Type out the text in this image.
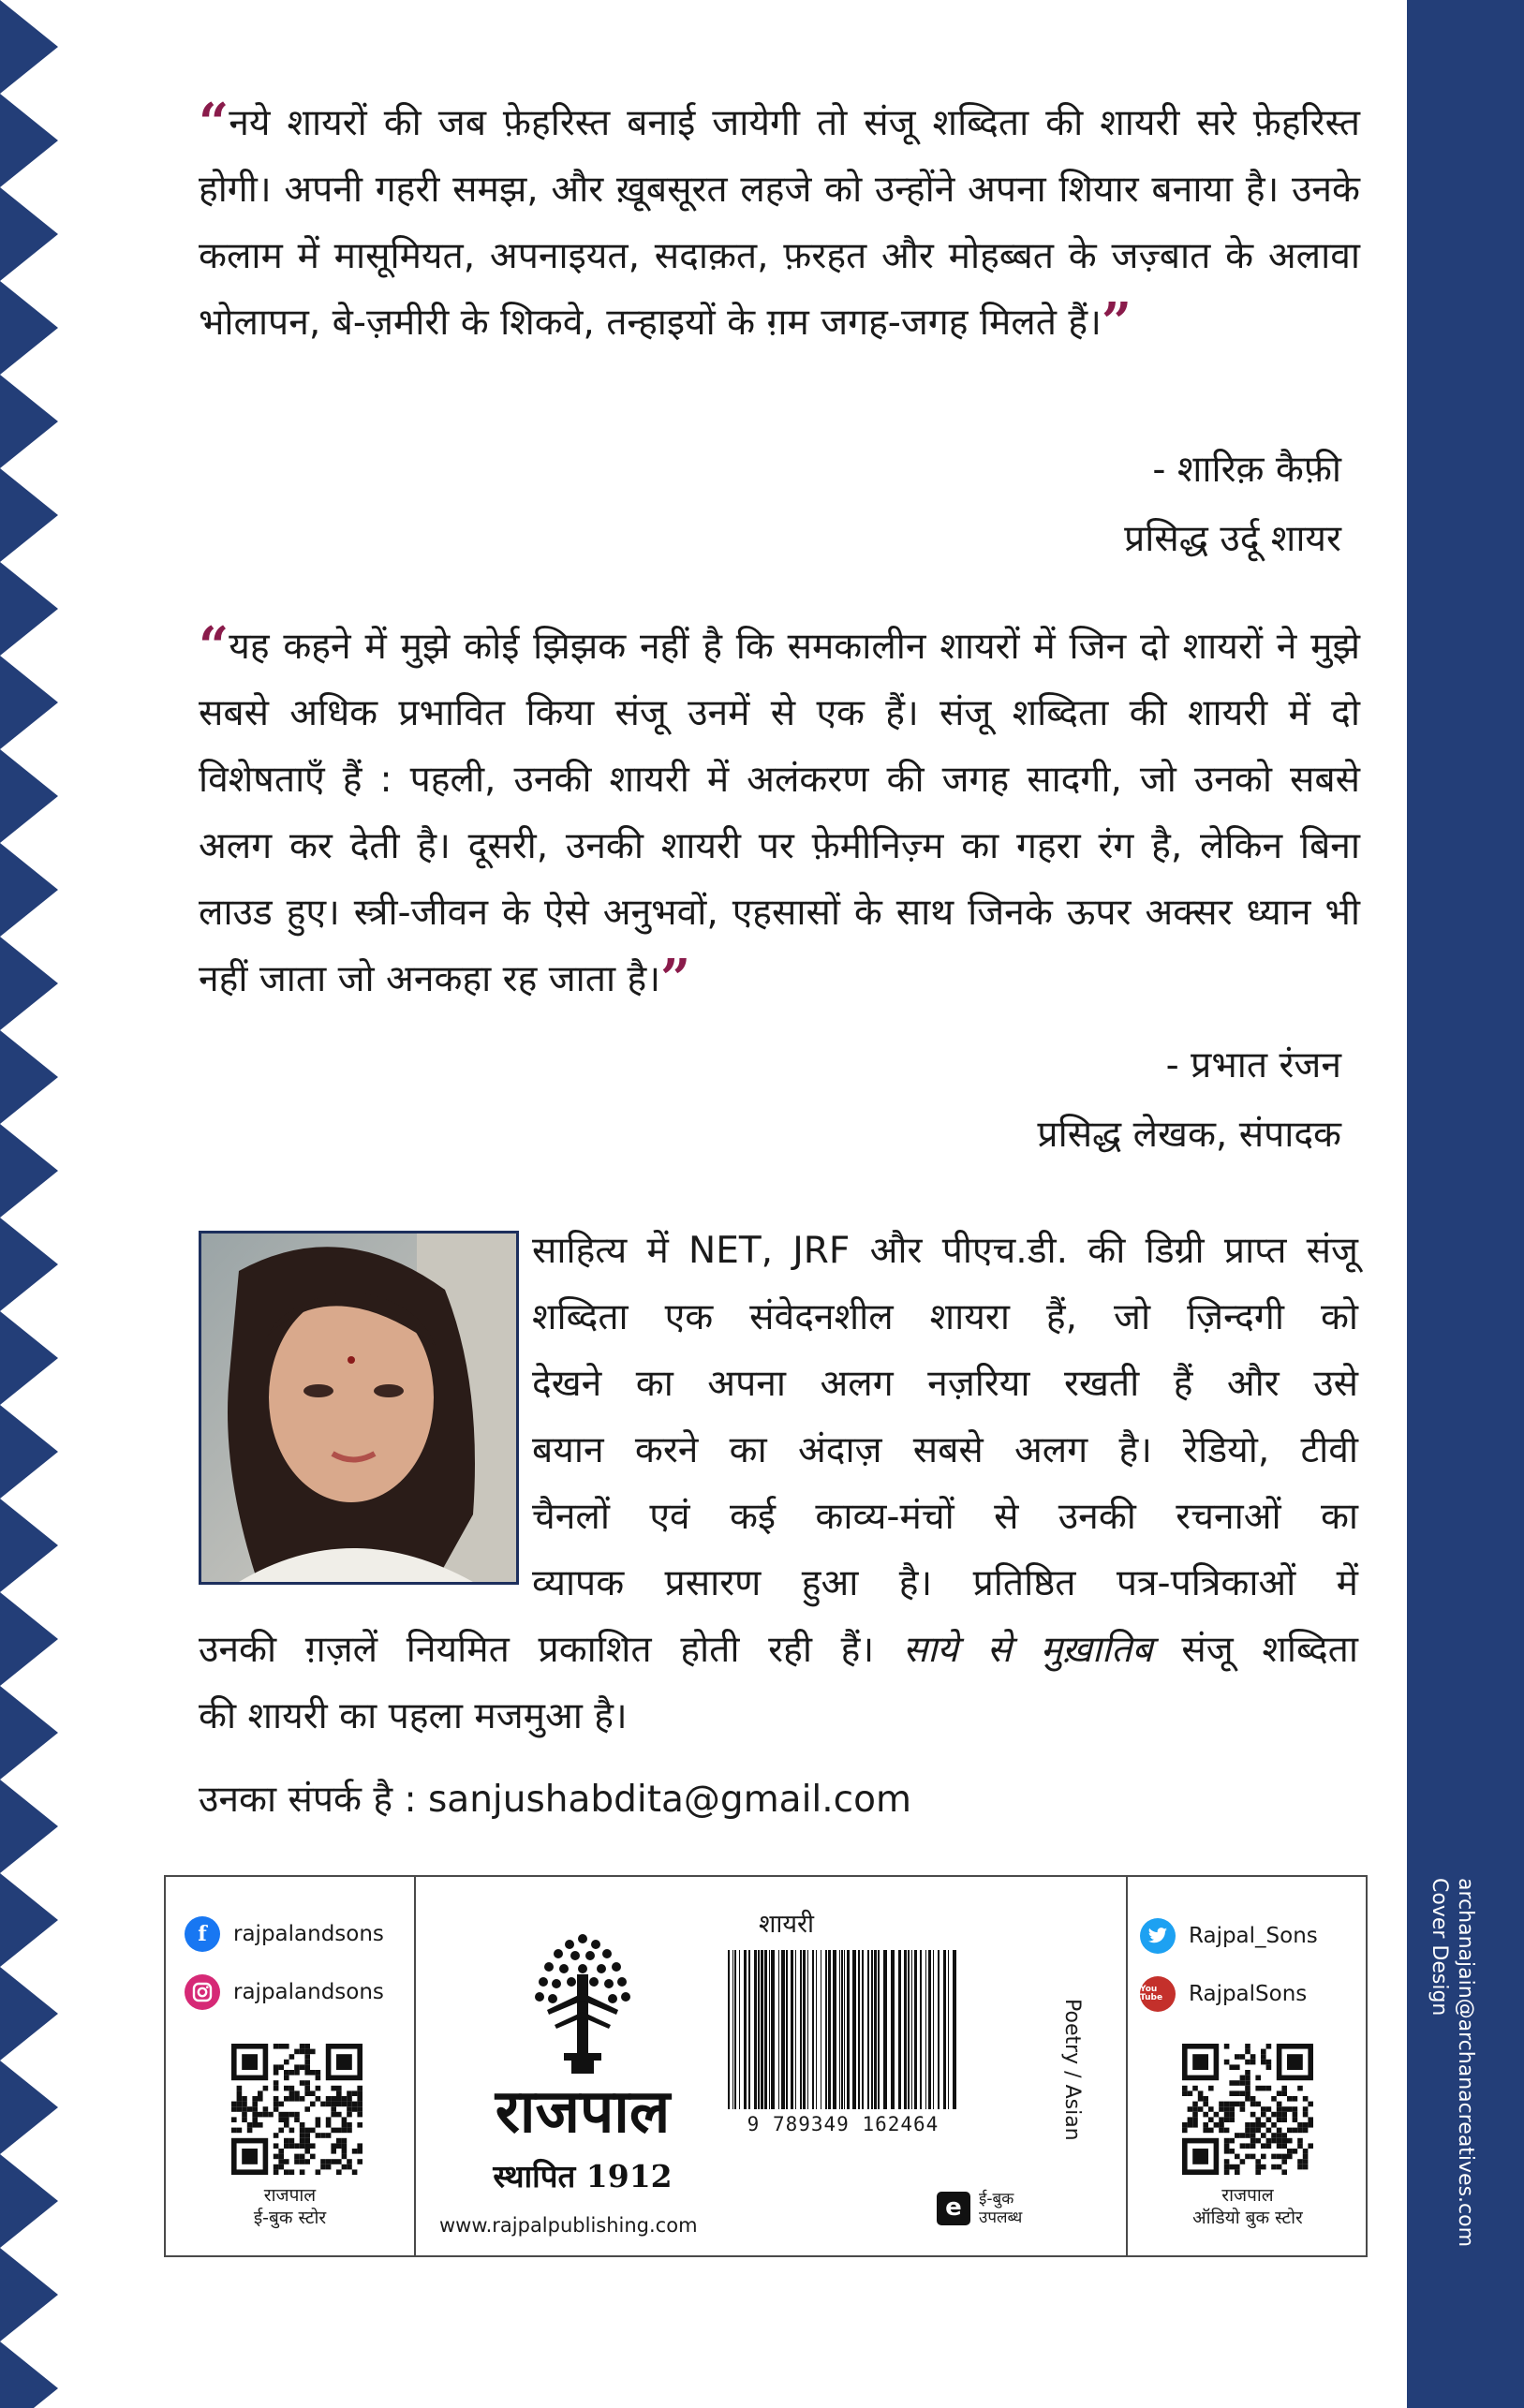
Cover Design archanajain@archanacreatives.com
“नये शायरों की जब फ़ेहरिस्त बनाई जायेगी तो संजू शब्दिता की शायरी सरे फ़ेहरिस्त होगी। अपनी गहरी समझ, और ख़ूबसूरत लहजे को उन्होंने अपना शियार बनाया है। उनके कलाम में मासूमियत, अपनाइयत, सदाक़त, फ़रहत और मोहब्बत के जज़्बात के अलावा भोलापन, बे-ज़मीरी के शिकवे, तन्हाइयों के ग़म जगह-जगह मिलते हैं।”
- शारिक़ कैफ़ी
प्रसिद्ध उर्दू शायर
“यह कहने में मुझे कोई झिझक नहीं है कि समकालीन शायरों में जिन दो शायरों ने मुझे सबसे अधिक प्रभावित किया संजू उनमें से एक हैं। संजू शब्दिता की शायरी में दो विशेषताएँ हैं : पहली, उनकी शायरी में अलंकरण की जगह सादगी, जो उनको सबसे अलग कर देती है। दूसरी, उनकी शायरी पर फ़ेमीनिज़्म का गहरा रंग है, लेकिन बिना लाउड हुए। स्त्री-जीवन के ऐसे अनुभवों, एहसासों के साथ जिनके ऊपर अक्सर ध्यान भी नहीं जाता जो अनकहा रह जाता है।”
- प्रभात रंजन
प्रसिद्ध लेखक, संपादक
साहित्य में NET, JRF और पीएच.डी. की डिग्री प्राप्त संजू
शब्दिता एक संवेदनशील शायरा हैं, जो ज़िन्दगी को
देखने का अपना अलग नज़रिया रखती हैं और उसे
बयान करने का अंदाज़ सबसे अलग है। रेडियो, टीवी
चैनलों एवं कई काव्य-मंचों से उनकी रचनाओं का
व्यापक प्रसारण हुआ है। प्रतिष्ठित पत्र-पत्रिकाओं में
उनकी ग़ज़लें नियमित प्रकाशित होती रही हैं। साये से मुख़ातिब संजू शब्दिता
की शायरी का पहला मजमुआ है।
उनका संपर्क है : sanjushabdita@gmail.com
f	rajpalandsons
rajpalandsons
राजपाल
ई-बुक स्टोर
राजपाल
स्थापित 1912
www.rajpalpublishing.com
शायरी
9 789349 162464	Poetry / Asian
e	ई-बुक
उपलब्ध
Rajpal_Sons
You Tube	RajpalSons
राजपाल
ऑडियो बुक स्टोर
